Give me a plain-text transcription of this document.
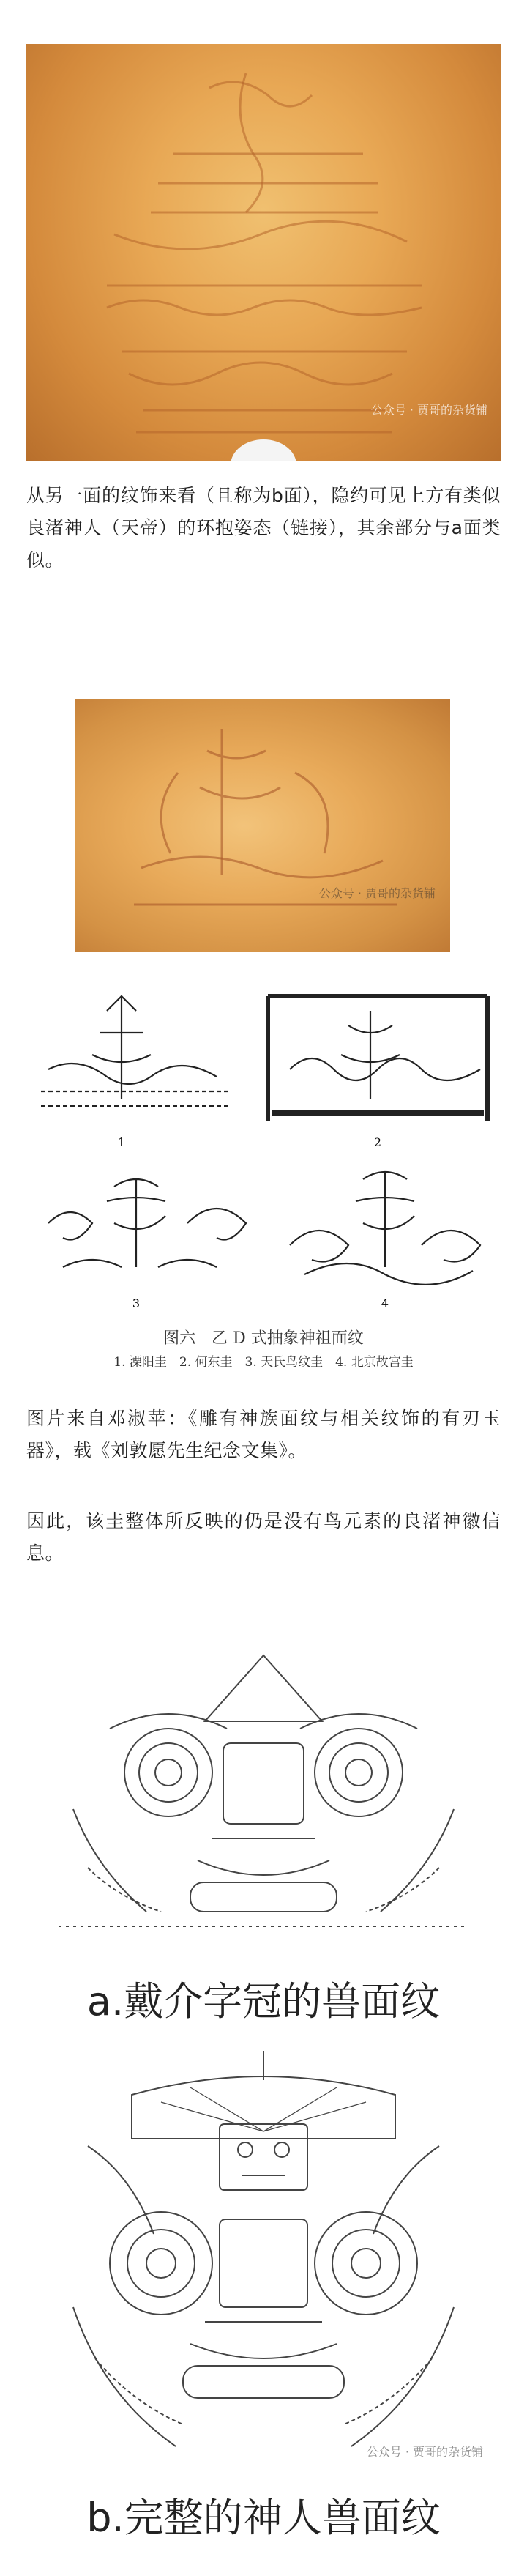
公众号 · 贾哥的杂货铺
从另一面的纹饰来看（且称为b面），隐约可见上方有类似良渚神人（天帝）的环抱姿态（链接），其余部分与a面类似。
公众号 · 贾哥的杂货铺
1	2
3	4
图六　乙 D 式抽象神祖面纹
1. 溧阳圭　2. 何东圭　3. 天氏鸟纹圭　4. 北京故宫圭
图片来自邓淑苹：《雕有神族面纹与相关纹饰的有刃玉器》，载《刘敦愿先生纪念文集》。
因此，该圭整体所反映的仍是没有鸟元素的良渚神徽信息。
a.戴介字冠的兽面纹
公众号 · 贾哥的杂货铺
b.完整的神人兽面纹
